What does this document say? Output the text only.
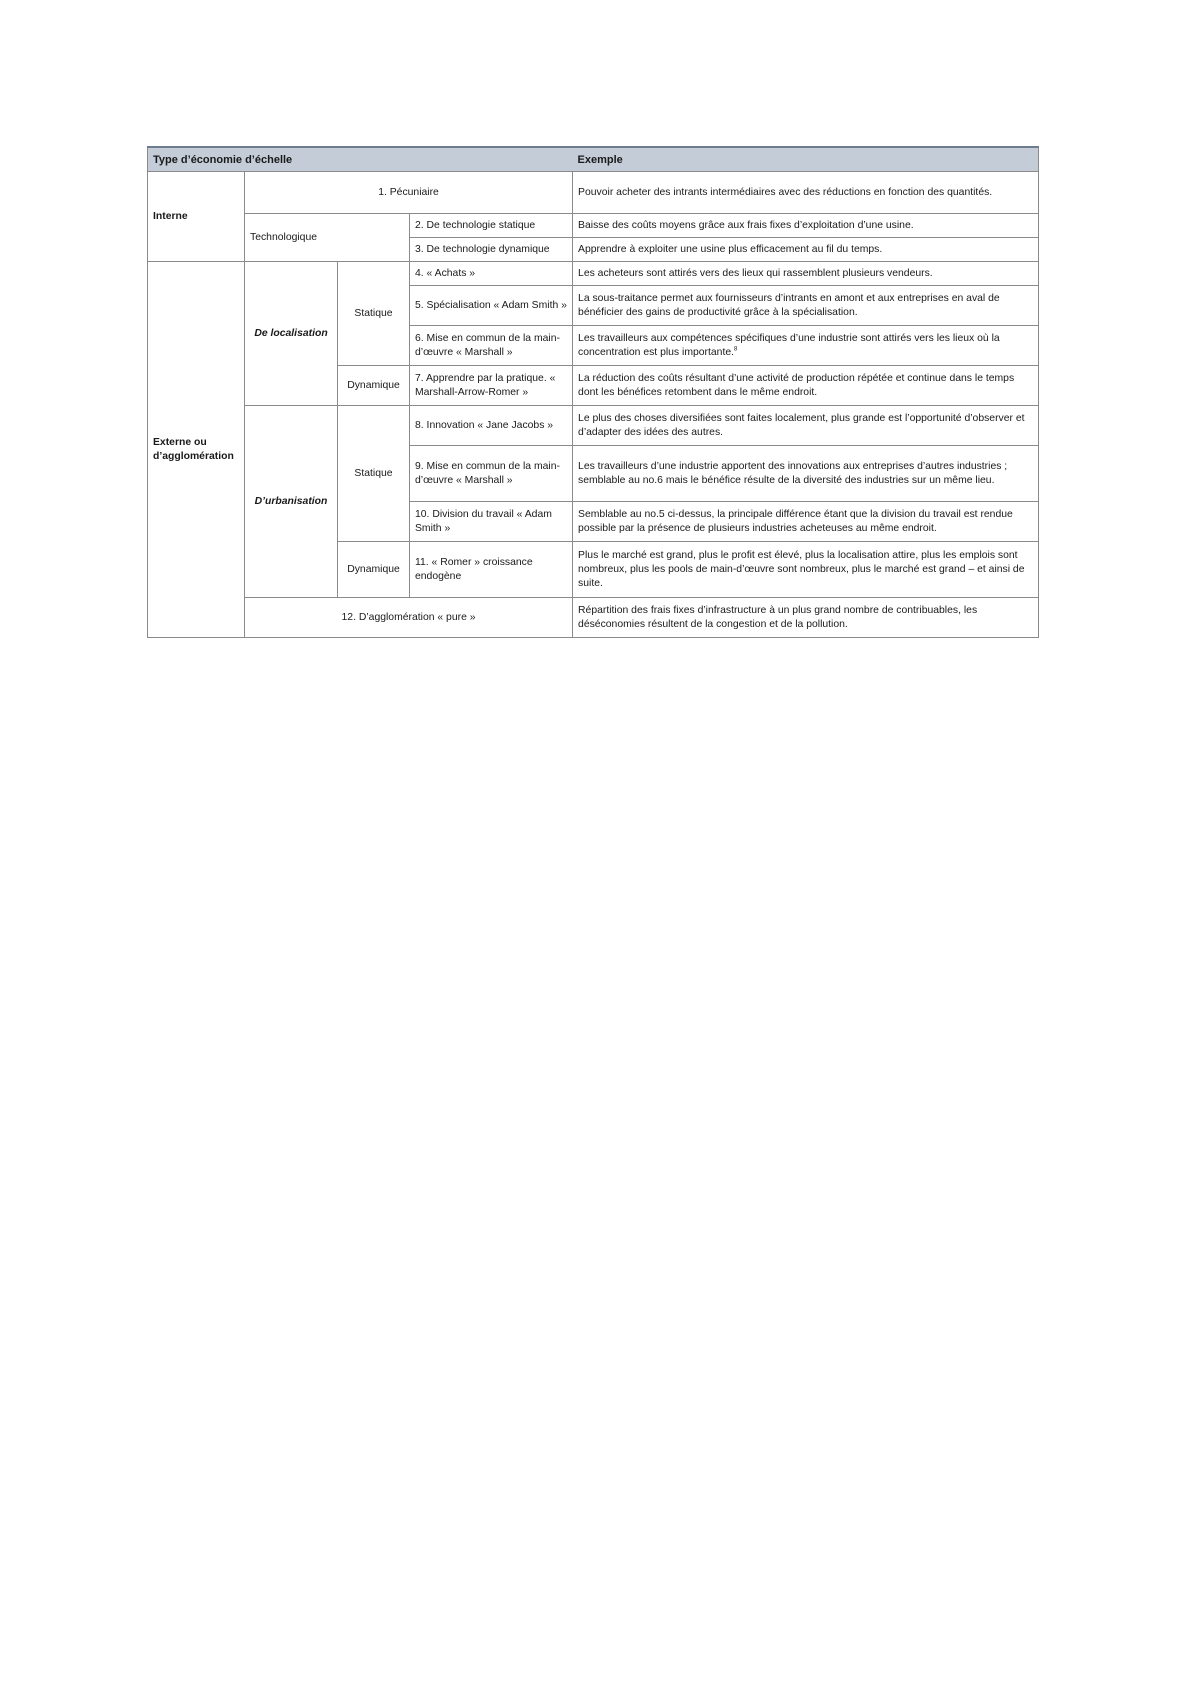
Type d’économie d’échelle				Exemple
Interne	1. Pécuniaire			Pouvoir acheter des intrants intermédiaires avec des réductions en fonction des quantités.
	Technologique		2. De technologie statique	Baisse des coûts moyens grâce aux frais fixes d’exploitation d’une usine.
			3. De technologie dynamique	Apprendre à exploiter une usine plus efficacement au fil du temps.
Externe ou d’agglomération	De localisation	Statique	4. « Achats »	Les acheteurs sont attirés vers des lieux qui rassemblent plusieurs vendeurs.
			5. Spécialisation « Adam Smith »	La sous-traitance permet aux fournisseurs d’intrants en amont et aux entreprises en aval de bénéficier des gains de productivité grâce à la spécialisation.
			6. Mise en commun de la main-d’œuvre « Marshall »	Les travailleurs aux compétences spécifiques d’une industrie sont attirés vers les lieux où la concentration est plus importante.$^8$
		Dynamique	7. Apprendre par la pratique. « Marshall-Arrow-Romer »	La réduction des coûts résultant d’une activité de production répétée et continue dans le temps dont les bénéfices retombent dans le même endroit.
	D’urbanisation	Statique	8. Innovation « Jane Jacobs »	Le plus des choses diversifiées sont faites localement, plus grande est l’opportunité d’observer et d’adapter des idées des autres.
			9. Mise en commun de la main-d’œuvre « Marshall »	Les travailleurs d’une industrie apportent des innovations aux entreprises d’autres industries ; semblable au no.6 mais le bénéfice résulte de la diversité des industries sur un même lieu.
			10. Division du travail « Adam Smith »	Semblable au no.5 ci-dessus, la principale différence étant que la division du travail est rendue possible par la présence de plusieurs industries acheteuses au même endroit.
		Dynamique	11. « Romer » croissance endogène	Plus le marché est grand, plus le profit est élevé, plus la localisation attire, plus les emplois sont nombreux, plus les pools de main-d’œuvre sont nombreux, plus le marché est grand – et ainsi de suite.
	12. D’agglomération « pure »			Répartition des frais fixes d’infrastructure à un plus grand nombre de contribuables, les déséconomies résultent de la congestion et de la pollution.
